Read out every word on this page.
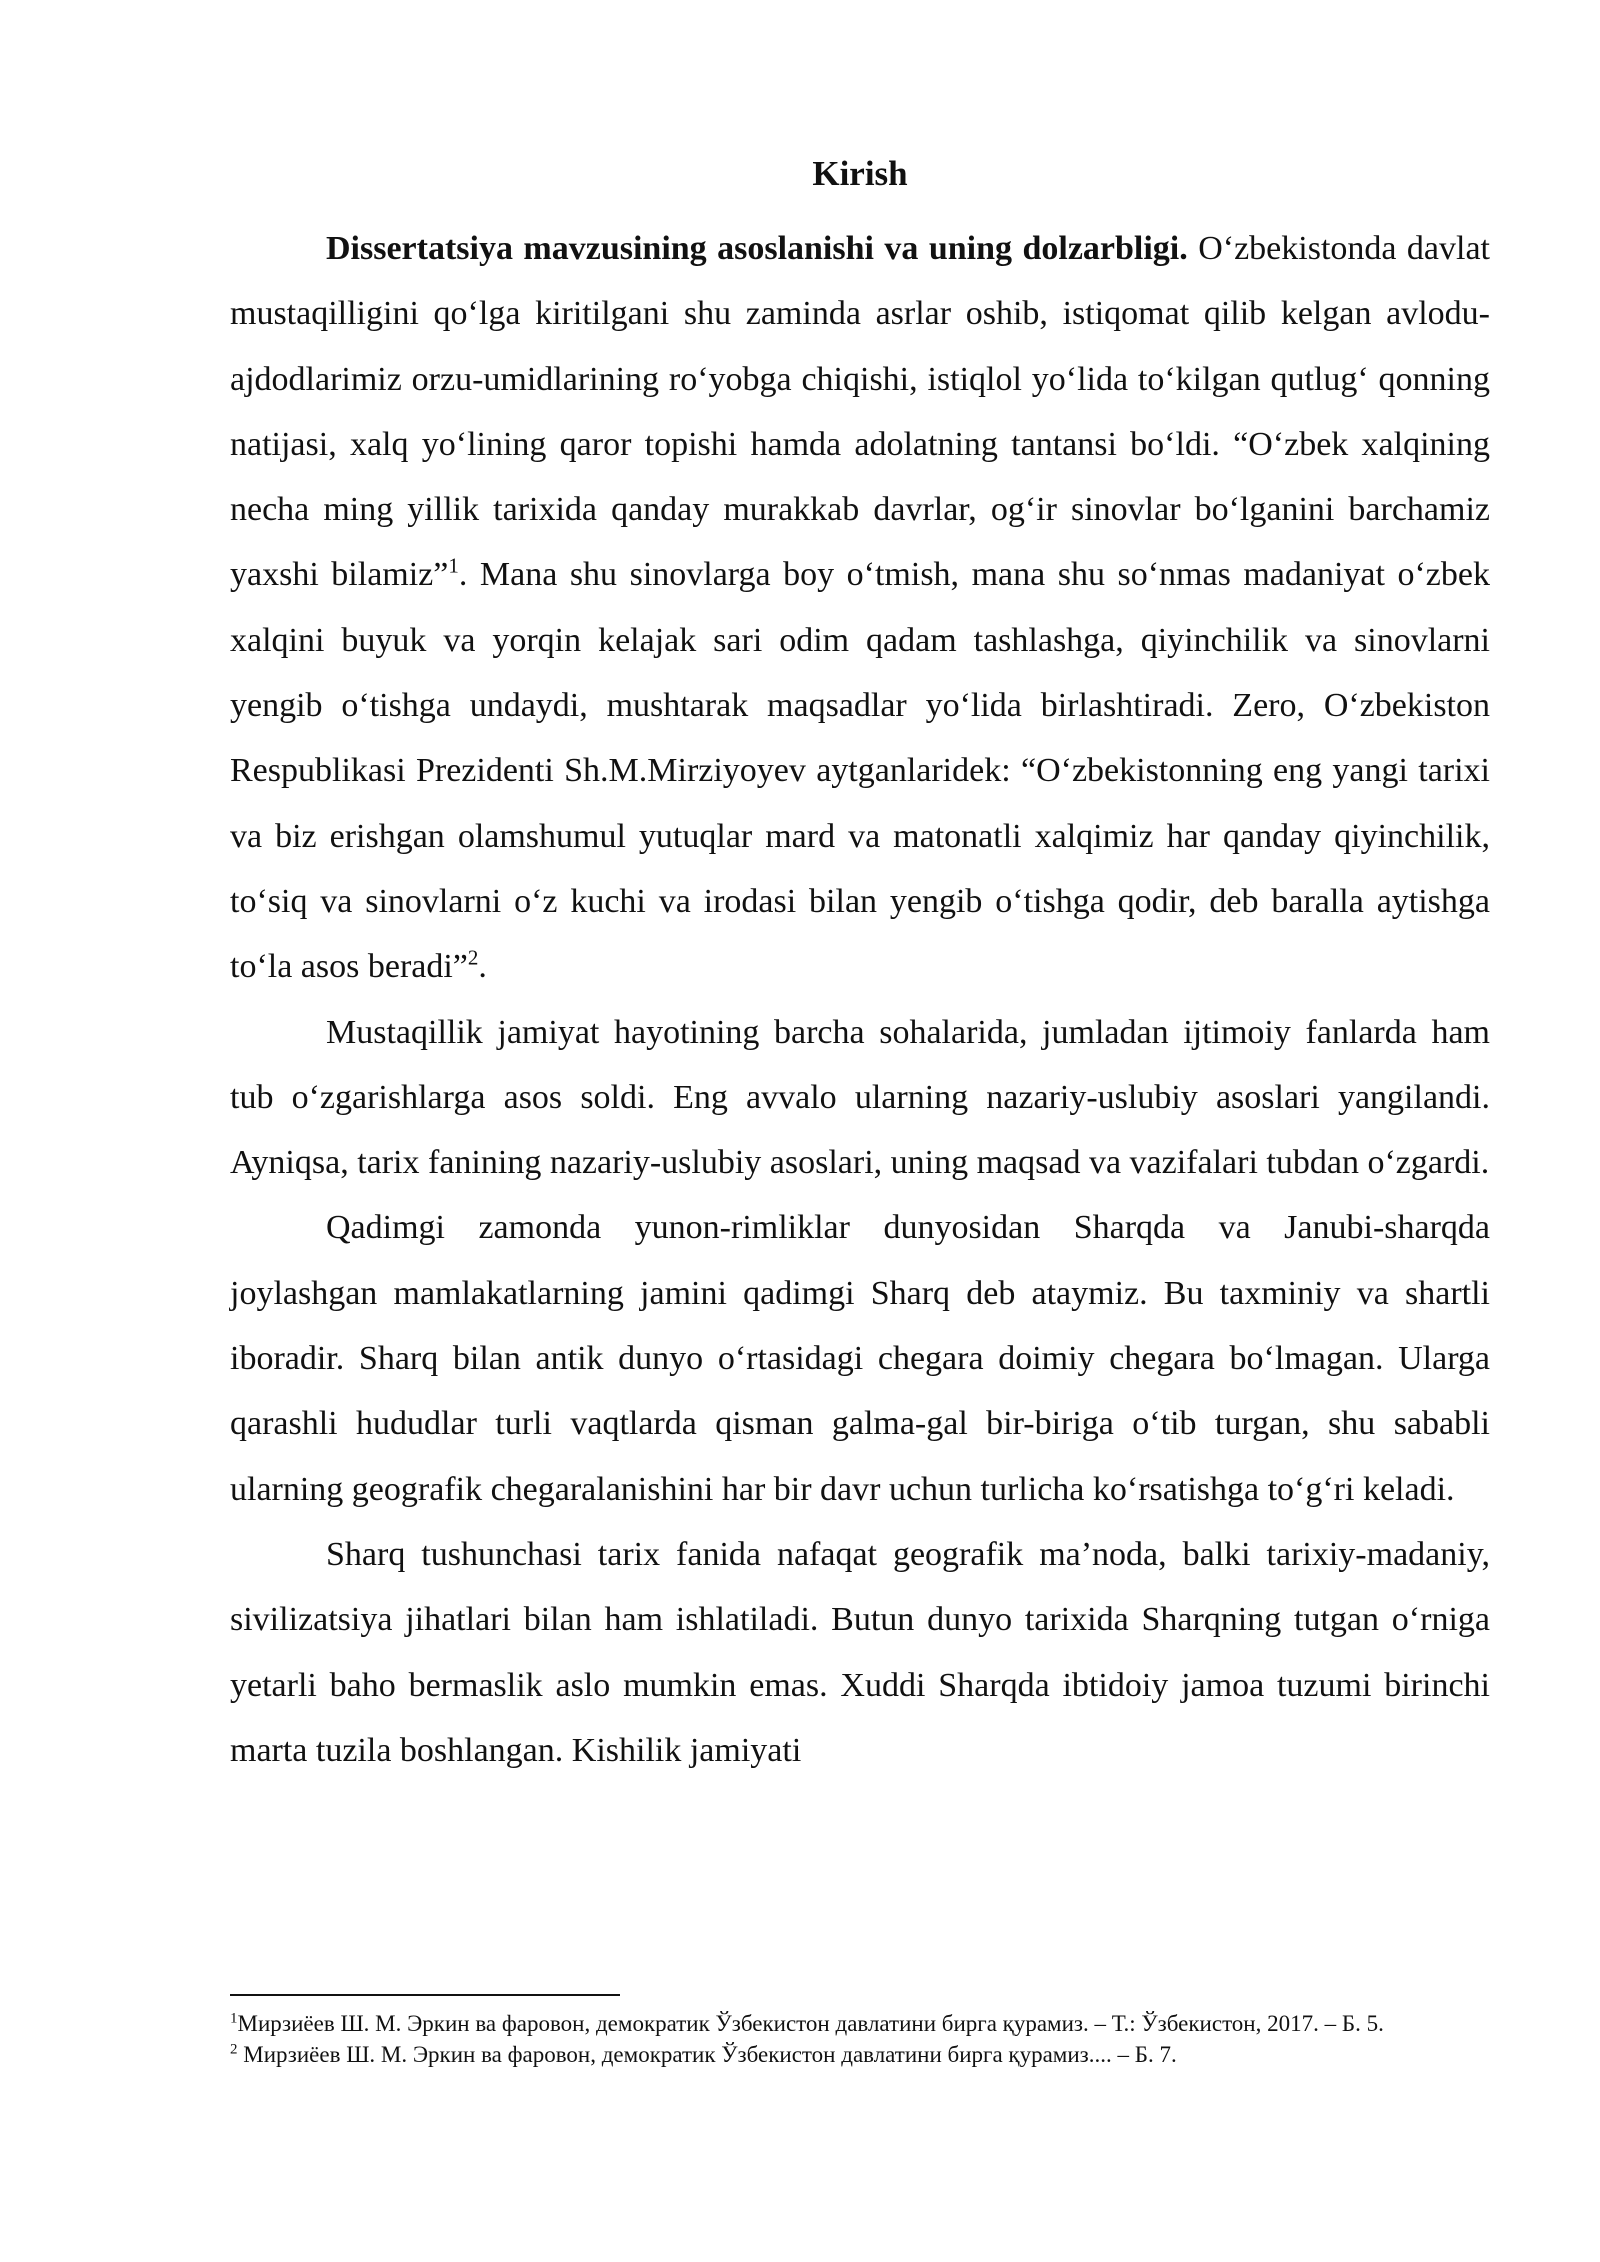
Kirish

Dissertatsiya mavzusining asoslanishi va uning dolzarbligi. O‘zbekistonda davlat mustaqilligini qo‘lga kiritilgani shu zaminda asrlar oshib, istiqomat qilib kelgan avlodu-ajdodlarimiz orzu-umidlarining ro‘yobga chiqishi, istiqlol yo‘lida to‘kilgan qutlug‘ qonning natijasi, xalq yo‘lining qaror topishi hamda adolatning tantansi bo‘ldi. “O‘zbek xalqining necha ming yillik tarixida qanday murakkab davrlar, og‘ir sinovlar bo‘lganini barchamiz yaxshi bilamiz”$^1$. Mana shu sinovlarga boy o‘tmish, mana shu so‘nmas madaniyat o‘zbek xalqini buyuk va yorqin kelajak sari odim qadam tashlashga, qiyinchilik va sinovlarni yengib o‘tishga undaydi, mushtarak maqsadlar yo‘lida birlashtiradi. Zero, O‘zbekiston Respublikasi Prezidenti Sh.M.Mirziyoyev aytganlaridek: “O‘zbekistonning eng yangi tarixi va biz erishgan olamshumul yutuqlar mard va matonatli xalqimiz har qanday qiyinchilik, to‘siq va sinovlarni o‘z kuchi va irodasi bilan yengib o‘tishga qodir, deb baralla aytishga to‘la asos beradi”$^2$.

Mustaqillik jamiyat hayotining barcha sohalarida, jumladan ijtimoiy fanlarda ham tub o‘zgarishlarga asos soldi. Eng avvalo ularning nazariy-uslubiy asoslari yangilandi. Ayniqsa, tarix fanining nazariy-uslubiy asoslari, uning maqsad va vazifalari tubdan o‘zgardi.

Qadimgi zamonda yunon-rimliklar dunyosidan Sharqda va Janubi-sharqda joylashgan mamlakatlarning jamini qadimgi Sharq deb ataymiz. Bu taxminiy va shartli iboradir. Sharq bilan antik dunyo o‘rtasidagi chegara doimiy chegara bo‘lmagan. Ularga qarashli hududlar turli vaqtlarda qisman galma-gal bir-biriga o‘tib turgan, shu sababli ularning geografik chegaralanishini har bir davr uchun turlicha ko‘rsatishga to‘g‘ri keladi.

Sharq tushunchasi tarix fanida nafaqat geografik ma’noda, balki tarixiy-madaniy, sivilizatsiya jihatlari bilan ham ishlatiladi. Butun dunyo tarixida Sharqning tutgan o‘rniga yetarli baho bermaslik aslo mumkin emas. Xuddi Sharqda ibtidoiy jamoa tuzumi birinchi marta tuzila boshlangan. Kishilik jamiyati

$^1$Мирзиёев Ш. М. Эркин ва фаровон, демократик Ўзбекистон давлатини бирга қурамиз. – Т.: Ўзбекистон, 2017. – Б. 5.

$^2$ Мирзиёев Ш. М. Эркин ва фаровон, демократик Ўзбекистон давлатини бирга қурамиз.... – Б. 7.
